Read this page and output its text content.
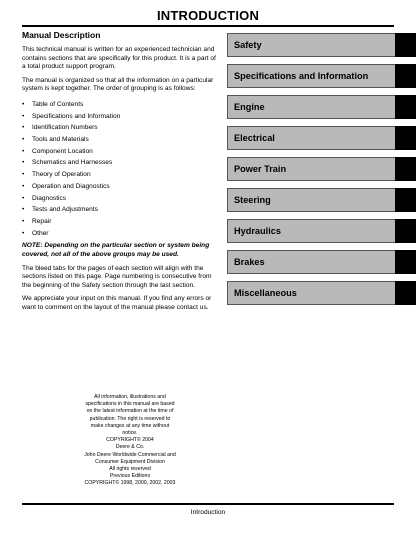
INTRODUCTION
Manual Description

This technical manual is written for an experienced technician and contains sections that are specifically for this product. It is a part of a total product support program.

The manual is organized so that all the information on a particular system is kept together. The order of grouping is as follows:

• Table of Contents
• Specifications and Information
• Identification Numbers
• Tools and Materials
• Component Location
• Schematics and Harnesses
• Theory of Operation
• Operation and Diagnostics
• Diagnostics
• Tests and Adjustments
• Repair
• Other

NOTE: Depending on the particular section or system being covered, not all of the above groups may be used.

The bleed tabs for the pages of each section will align with the sections listed on this page. Page numbering is consecutive from the beginning of the Safety section through the last section.

We appreciate your input on this manual. If you find any errors or want to comment on the layout of the manual please contact us.

Safety
Specifications and Information
Engine
Electrical
Power Train
Steering
Hydraulics
Brakes
Miscellaneous
All information, illustrations and
specifications in this manual are based
on the latest information at the time of
publication. The right is reserved to
make changes at any time without
notice.
COPYRIGHT© 2004
Deere & Co.
John Deere Worldwide Commercial and
Consumer Equipment Division
All rights reserved
Previous Editions
COPYRIGHT© 1998, 2000, 2002, 2003
Introduction
